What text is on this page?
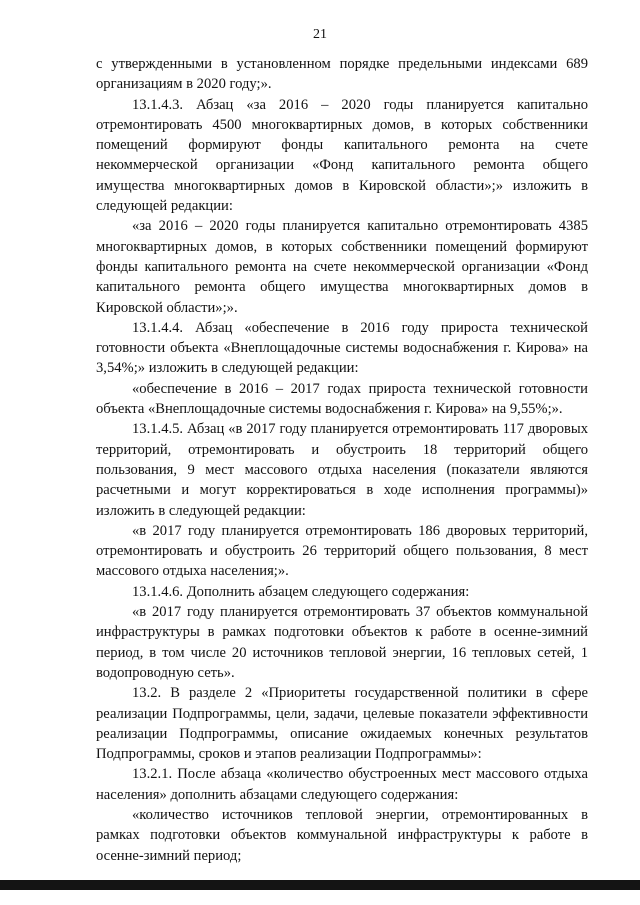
21

с утвержденными в установленном порядке предельными индексами 689 организациям в 2020 году;».

13.1.4.3. Абзац «за 2016 – 2020 годы планируется капитально отремонтировать 4500 многоквартирных домов, в которых собственники помещений формируют фонды капитального ремонта на счете некоммерческой организации «Фонд капитального ремонта общего имущества многоквартирных домов в Кировской области»;» изложить в следующей редакции:

«за 2016 – 2020 годы планируется капитально отремонтировать 4385 многоквартирных домов, в которых собственники помещений формируют фонды капитального ремонта на счете некоммерческой организации «Фонд капитального ремонта общего имущества многоквартирных домов в Кировской области»;».

13.1.4.4. Абзац «обеспечение в 2016 году прироста технической готовности объекта «Внеплощадочные системы водоснабжения г. Кирова» на 3,54%;» изложить в следующей редакции:

«обеспечение в 2016 – 2017 годах прироста технической готовности объекта «Внеплощадочные системы водоснабжения г. Кирова» на 9,55%;».

13.1.4.5. Абзац «в 2017 году планируется отремонтировать 117 дворовых территорий, отремонтировать и обустроить 18 территорий общего пользования, 9 мест массового отдыха населения (показатели являются расчетными и могут корректироваться в ходе исполнения программы)» изложить в следующей редакции:

«в 2017 году планируется отремонтировать 186 дворовых территорий, отремонтировать и обустроить 26 территорий общего пользования, 8 мест массового отдыха населения;».

13.1.4.6. Дополнить абзацем следующего содержания:

«в 2017 году планируется отремонтировать 37 объектов коммунальной инфраструктуры в рамках подготовки объектов к работе в осенне-зимний период, в том числе 20 источников тепловой энергии, 16 тепловых сетей, 1 водопроводную сеть».

13.2. В разделе 2 «Приоритеты государственной политики в сфере реализации Подпрограммы, цели, задачи, целевые показатели эффективности реализации Подпрограммы, описание ожидаемых конечных результатов Подпрограммы, сроков и этапов реализации Подпрограммы»:

13.2.1. После абзаца «количество обустроенных мест массового отдыха населения» дополнить абзацами следующего содержания:

«количество источников тепловой энергии, отремонтированных в рамках подготовки объектов коммунальной инфраструктуры к работе в осенне-зимний период;
